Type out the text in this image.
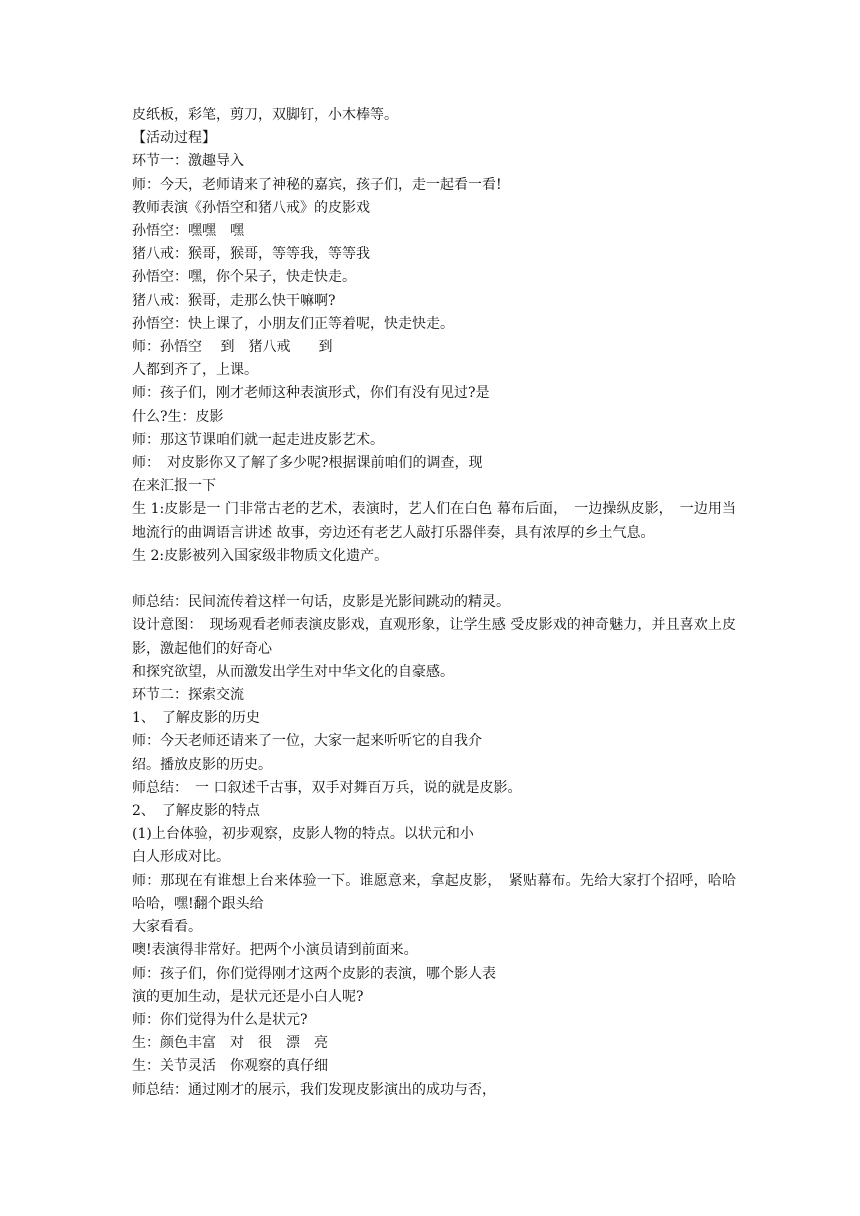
皮纸板，彩笔，剪刀，双脚钉，小木棒等。
【活动过程】
环节一：激趣导入
师：今天，老师请来了神秘的嘉宾，孩子们，走一起看一看!
教师表演《孙悟空和猪八戒》的皮影戏
孙悟空：嘿嘿　嘿
猪八戒：猴哥，猴哥，等等我，等等我
孙悟空：嘿，你个呆子，快走快走。
猪八戒：猴哥，走那么快干嘛啊?
孙悟空：快上课了，小朋友们正等着呢，快走快走。
师：孙悟空　 到　猪八戒　　到
人都到齐了，上课。
师：孩子们，刚才老师这种表演形式，你们有没有见过?是
什么?生：皮影
师：那这节课咱们就一起走进皮影艺术。
师：　对皮影你又了解了多少呢?根据课前咱们的调查，现
在来汇报一下
生 1:皮影是一 门非常古老的艺术，表演时，艺人们在白色 幕布后面，　一边操纵皮影，　一边用当地流行的曲调语言讲述 故事，旁边还有老艺人敲打乐器伴奏，具有浓厚的乡土气息。
生 2:皮影被列入国家级非物质文化遗产。
师总结：民间流传着这样一句话，皮影是光影间跳动的精灵。
设计意图：　现场观看老师表演皮影戏，直观形象，让学生感 受皮影戏的神奇魅力，并且喜欢上皮影，激起他们的好奇心
和探究欲望，从而激发出学生对中华文化的自豪感。
环节二：探索交流
1、　了解皮影的历史
师：今天老师还请来了一位，大家一起来听听它的自我介
绍。播放皮影的历史。
师总结：　一 口叙述千古事，双手对舞百万兵，说的就是皮影。
2、　了解皮影的特点
(1)上台体验，初步观察，皮影人物的特点。以状元和小
白人形成对比。
师：那现在有谁想上台来体验一下。谁愿意来，拿起皮影，　紧贴幕布。先给大家打个招呼，哈哈哈哈，嘿!翻个跟头给
大家看看。
噢!表演得非常好。把两个小演员请到前面来。
师：孩子们，你们觉得刚才这两个皮影的表演，哪个影人表
演的更加生动，是状元还是小白人呢?
师：你们觉得为什么是状元?
生：颜色丰富　对　很　漂　亮
生：关节灵活　你观察的真仔细
师总结：通过刚才的展示，我们发现皮影演出的成功与否，
